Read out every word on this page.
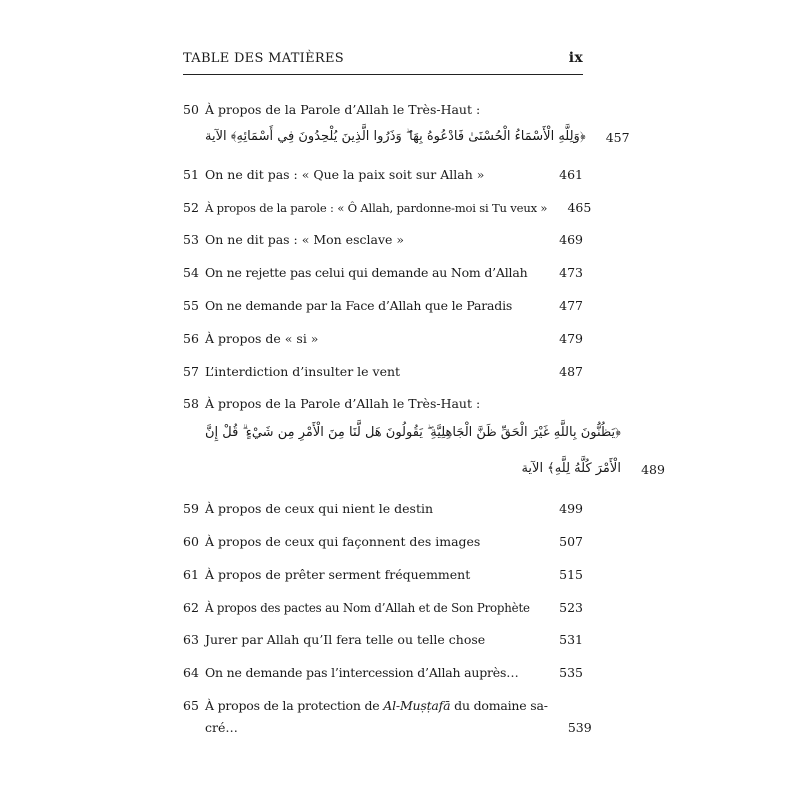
TABLE DES MATIÈRES	ix
50 À propos de la Parole d’Allah le Très-Haut :
﴿وَلِلَّهِ الْأَسْمَاءُ الْحُسْنَىٰ فَادْعُوهُ بِهَا ۖ وَذَرُوا الَّذِينَ يُلْحِدُونَ فِي أَسْمَائِهِ﴾ الآية	457
51 On ne dit pas : « Que la paix soit sur Allah »	461
52 À propos de la parole : « Ô Allah, pardonne-moi si Tu veux »	465
53 On ne dit pas : « Mon esclave »	469
54 On ne rejette pas celui qui demande au Nom d’Allah	473
55 On ne demande par la Face d’Allah que le Paradis	477
56 À propos de « si »	479
57 L’interdiction d’insulter le vent	487
58 À propos de la Parole d’Allah le Très-Haut :
﴿يَظُنُّونَ بِاللَّهِ غَيْرَ الْحَقِّ ظَنَّ الْجَاهِلِيَّةِ ۖ يَقُولُونَ هَل لَّنَا مِنَ الْأَمْرِ مِن شَيْءٍ ۗ قُلْ إِنَّ
الْأَمْرَ كُلَّهُ لِلَّهِ﴾ الآية	489
59 À propos de ceux qui nient le destin	499
60 À propos de ceux qui façonnent des images	507
61 À propos de prêter serment fréquemment	515
62 À propos des pactes au Nom d’Allah et de Son Prophète	523
63 Jurer par Allah qu’Il fera telle ou telle chose	531
64 On ne demande pas l’intercession d’Allah auprès…	535
65 À propos de la protection de Al-Muṣṭafā du domaine sa-
cré…	539
